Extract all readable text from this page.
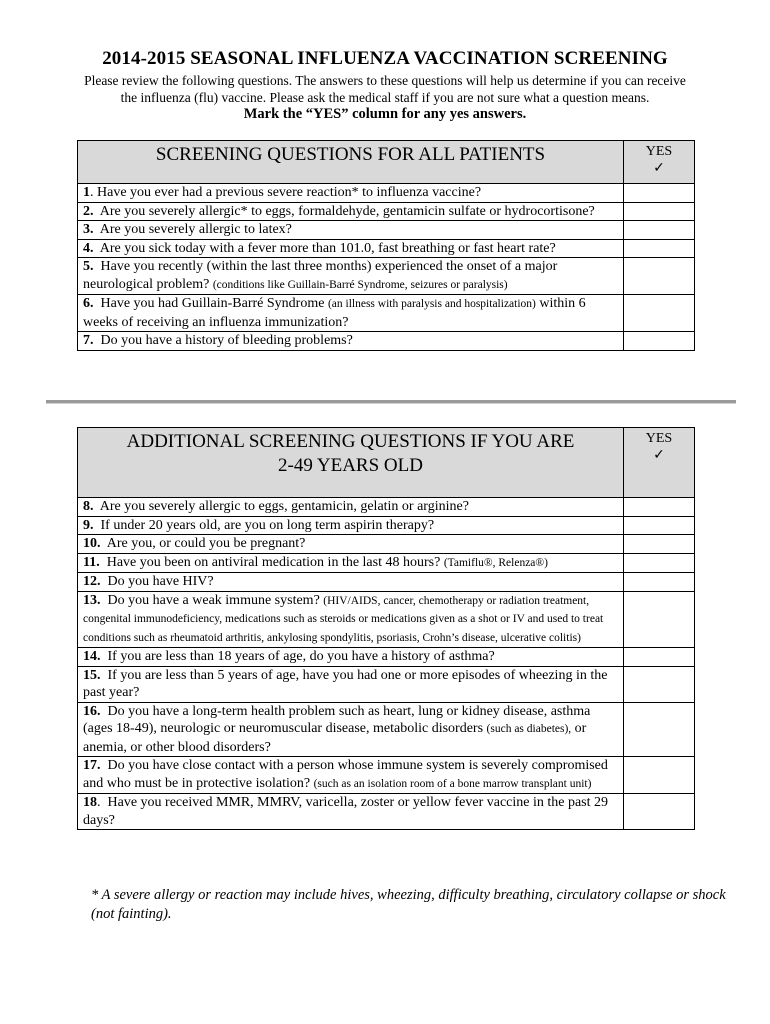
2014-2015 SEASONAL INFLUENZA VACCINATION SCREENING
Please review the following questions. The answers to these questions will help us determine if you can receive
the influenza (flu) vaccine. Please ask the medical staff if you are not sure what a question means.
Mark the “YES” column for any yes answers.
SCREENING QUESTIONS FOR ALL PATIENTS	YES
✓

1. Have you ever had a previous severe reaction* to influenza vaccine?	
2. Are you severely allergic* to eggs, formaldehyde, gentamicin sulfate or hydrocortisone?	
3. Are you severely allergic to latex?	
4. Are you sick today with a fever more than 101.0, fast breathing or fast heart rate?	
5. Have you recently (within the last three months) experienced the onset of a major neurological problem? (conditions like Guillain-Barré Syndrome, seizures or paralysis)	
6. Have you had Guillain-Barré Syndrome (an illness with paralysis and hospitalization) within 6 weeks of receiving an influenza immunization?	
7. Do you have a history of bleeding problems?	
ADDITIONAL SCREENING QUESTIONS IF YOU ARE
2-49 YEARS OLD	YES
✓

8. Are you severely allergic to eggs, gentamicin, gelatin or arginine?	
9. If under 20 years old, are you on long term aspirin therapy?	
10. Are you, or could you be pregnant?	
11. Have you been on antiviral medication in the last 48 hours? (Tamiflu®, Relenza®)	
12. Do you have HIV?	
13. Do you have a weak immune system? (HIV/AIDS, cancer, chemotherapy or radiation treatment, congenital immunodeficiency, medications such as steroids or medications given as a shot or IV and used to treat conditions such as rheumatoid arthritis, ankylosing spondylitis, psoriasis, Crohn’s disease, ulcerative colitis)	
14. If you are less than 18 years of age, do you have a history of asthma?	
15. If you are less than 5 years of age, have you had one or more episodes of wheezing in the past year?	
16. Do you have a long-term health problem such as heart, lung or kidney disease, asthma (ages 18-49), neurologic or neuromuscular disease, metabolic disorders (such as diabetes), or anemia, or other blood disorders?	
17. Do you have close contact with a person whose immune system is severely compromised and who must be in protective isolation? (such as an isolation room of a bone marrow transplant unit)	
18.  Have you received MMR, MMRV, varicella, zoster or yellow fever vaccine in the past 29 days?	
* A severe allergy or reaction may include hives, wheezing, difficulty breathing, circulatory collapse or shock (not fainting).
